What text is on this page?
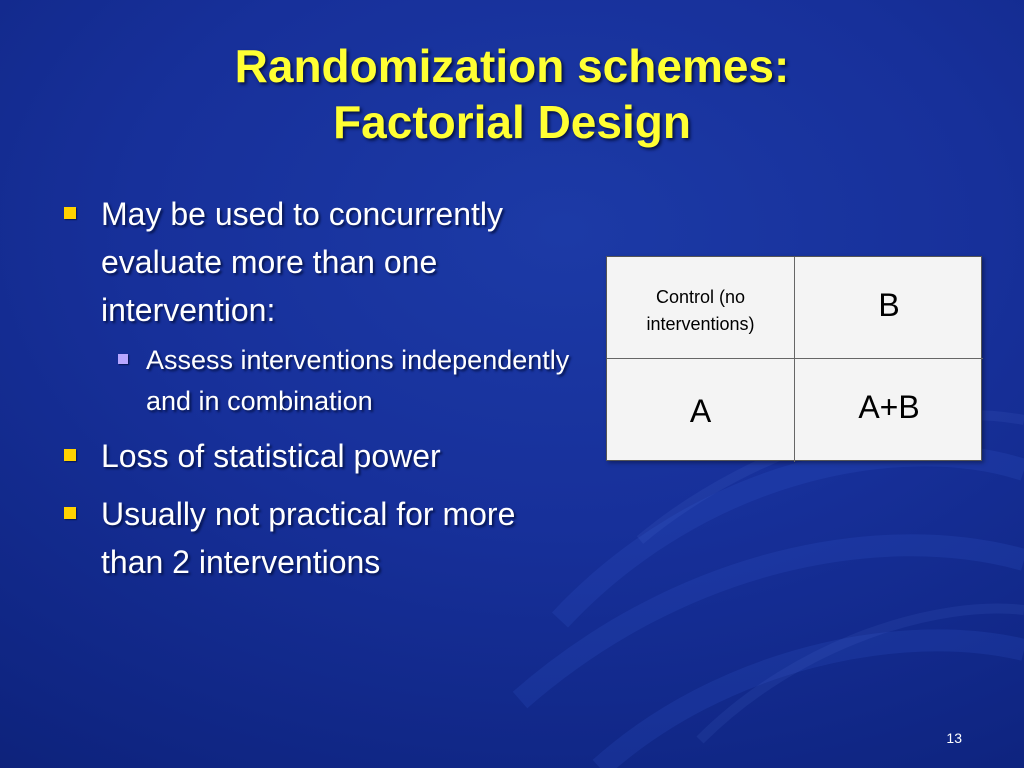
Randomization schemes:
Factorial Design
May be used to concurrently evaluate more than one intervention:
Assess interventions independently and in combination
Loss of statistical power
Usually not practical for more than 2 interventions
Control (no interventions)
B
A	A+B
13
